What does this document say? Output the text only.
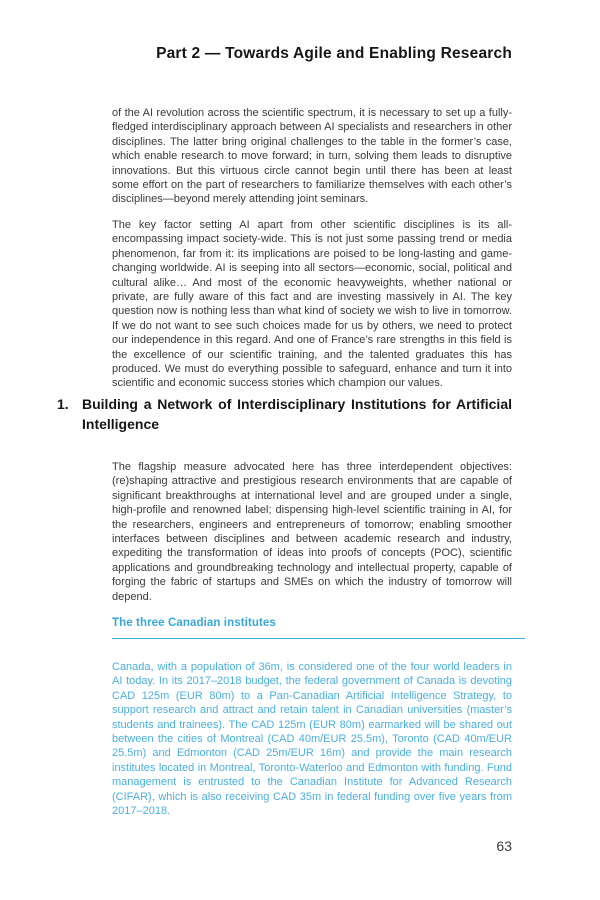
Part 2 — Towards Agile and Enabling Research

of the AI revolution across the scientific spectrum, it is necessary to set up a fully-fledged interdisciplinary approach between AI specialists and researchers in other disciplines. The latter bring original challenges to the table in the former’s case, which enable research to move forward; in turn, solving them leads to disruptive innovations. But this virtuous circle cannot begin until there has been at least some effort on the part of researchers to familiarize themselves with each other’s disciplines—beyond merely attending joint seminars.

The key factor setting AI apart from other scientific disciplines is its all-encompassing impact society-wide. This is not just some passing trend or media phenomenon, far from it: its implications are poised to be long-lasting and game-changing worldwide. AI is seeping into all sectors—economic, social, political and cultural alike… And most of the economic heavyweights, whether national or private, are fully aware of this fact and are investing massively in AI. The key question now is nothing less than what kind of society we wish to live in tomorrow. If we do not want to see such choices made for us by others, we need to protect our independence in this regard. And one of France’s rare strengths in this field is the excellence of our scientific training, and the talented graduates this has produced. We must do everything possible to safeguard, enhance and turn it into scientific and economic success stories which champion our values.

1. Building a Network of Interdisciplinary Institutions for Artificial Intelligence

The flagship measure advocated here has three interdependent objectives: (re)shaping attractive and prestigious research environments that are capable of significant breakthroughs at international level and are grouped under a single, high-profile and renowned label; dispensing high-level scientific training in AI, for the researchers, engineers and entrepreneurs of tomorrow; enabling smoother interfaces between disciplines and between academic research and industry, expediting the transformation of ideas into proofs of concepts (POC), scientific applications and groundbreaking technology and intellectual property, capable of forging the fabric of startups and SMEs on which the industry of tomorrow will depend.

The three Canadian institutes

Canada, with a population of 36m, is considered one of the four world leaders in AI today. In its 2017–2018 budget, the federal government of Canada is devoting CAD 125m (EUR 80m) to a Pan-Canadian Artificial Intelligence Strategy, to support research and attract and retain talent in Canadian universities (master’s students and trainees). The CAD 125m (EUR 80m) earmarked will be shared out between the cities of Montreal (CAD 40m/EUR 25.5m), Toronto (CAD 40m/EUR 25.5m) and Edmonton (CAD 25m/EUR 16m) and provide the main research institutes located in Montreal, Toronto-Waterloo and Edmonton with funding. Fund management is entrusted to the Canadian Institute for Advanced Research (CIFAR), which is also receiving CAD 35m in federal funding over five years from 2017–2018.

63
